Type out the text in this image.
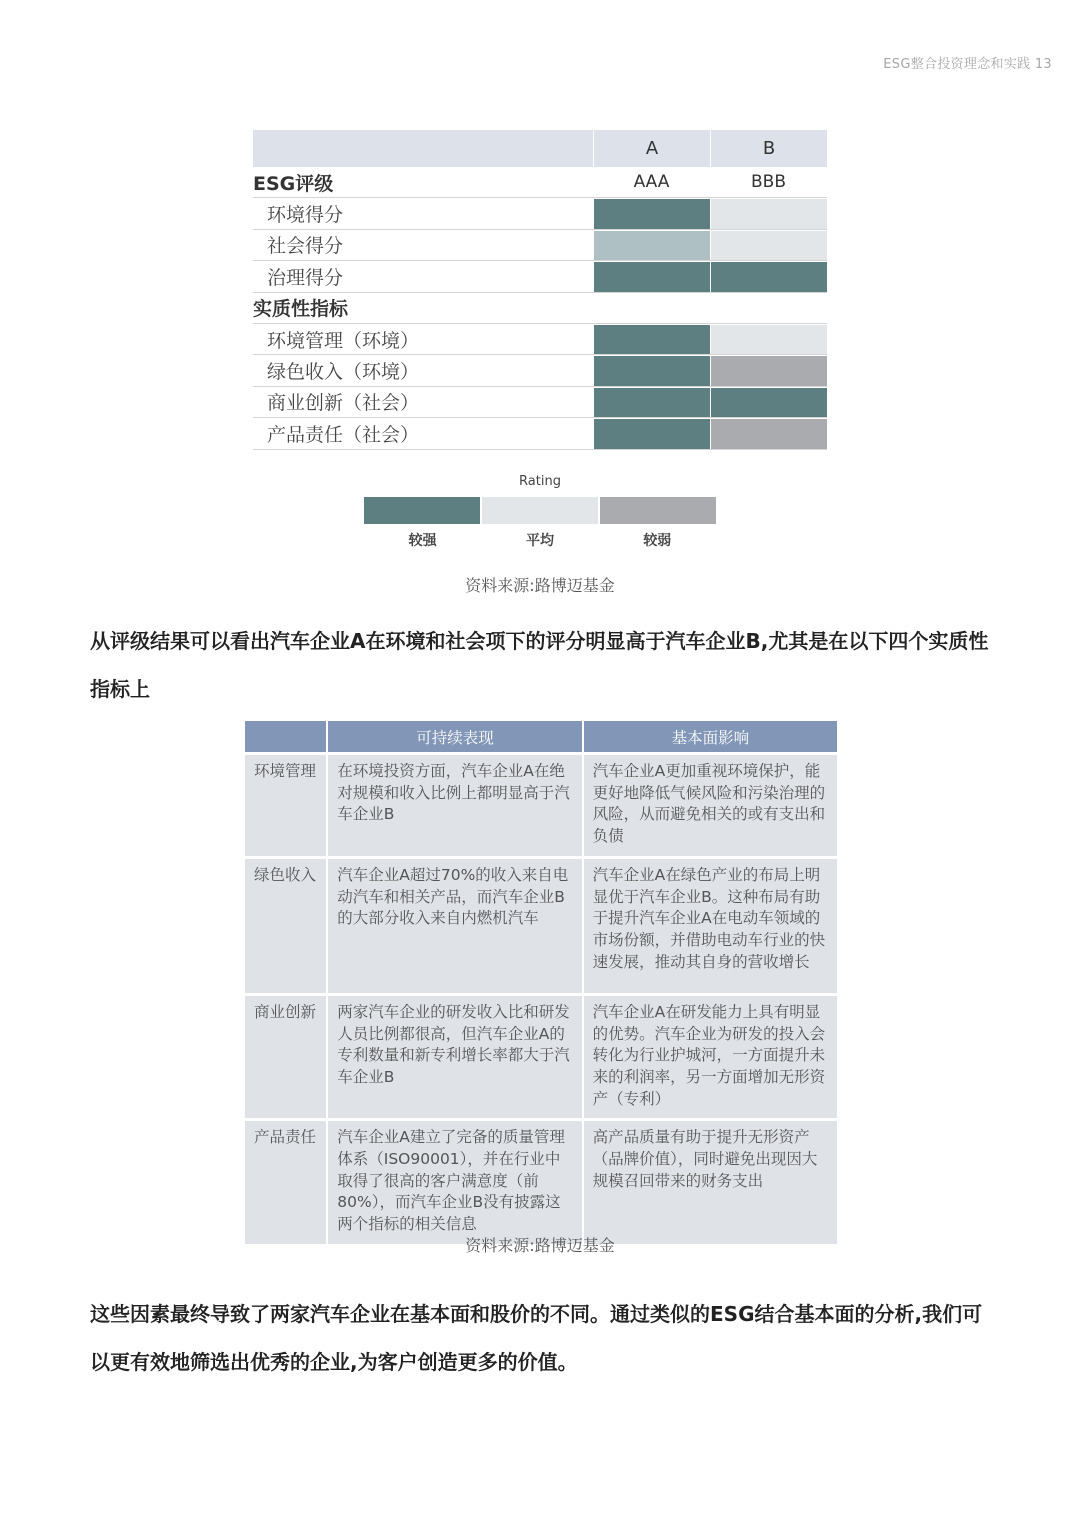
ESG整合投资理念和实践 13
A	B
ESG评级	AAA	BBB
环境得分
社会得分
治理得分
实质性指标
环境管理（环境）
绿色收入（环境）
商业创新（社会）
产品责任（社会）
Rating
较强	平均	较弱
资料来源:路博迈基金
从评级结果可以看出汽车企业A在环境和社会项下的评分明显高于汽车企业B,尤其是在以下四个实质性指标上
	可持续表现	基本面影响
环境管理	在环境投资方面，汽车企业A在绝对规模和收入比例上都明显高于汽车企业B	汽车企业A更加重视环境保护，能更好地降低气候风险和污染治理的风险，从而避免相关的或有支出和负债
绿色收入	汽车企业A超过70%的收入来自电动汽车和相关产品，而汽车企业B的大部分收入来自内燃机汽车	汽车企业A在绿色产业的布局上明显优于汽车企业B。这种布局有助于提升汽车企业A在电动车领域的市场份额，并借助电动车行业的快速发展，推动其自身的营收增长
商业创新	两家汽车企业的研发收入比和研发人员比例都很高，但汽车企业A的专利数量和新专利增长率都大于汽车企业B	汽车企业A在研发能力上具有明显的优势。汽车企业为研发的投入会转化为行业护城河，一方面提升未来的利润率，另一方面增加无形资产（专利）
产品责任	汽车企业A建立了完备的质量管理体系（ISO90001），并在行业中取得了很高的客户满意度（前80%），而汽车企业B没有披露这两个指标的相关信息	高产品质量有助于提升无形资产（品牌价值），同时避免出现因大规模召回带来的财务支出
资料来源:路博迈基金
这些因素最终导致了两家汽车企业在基本面和股价的不同。通过类似的ESG结合基本面的分析,我们可以更有效地筛选出优秀的企业,为客户创造更多的价值。
